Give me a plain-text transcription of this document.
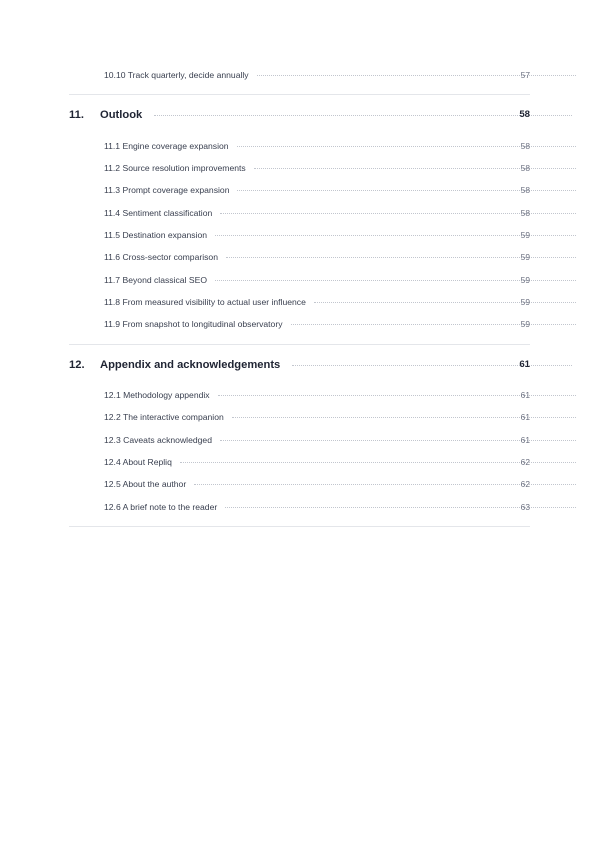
10.10 Track quarterly, decide annually	57
11.	Outlook	58
11.1 Engine coverage expansion	58
11.2 Source resolution improvements	58
11.3 Prompt coverage expansion	58
11.4 Sentiment classification	58
11.5 Destination expansion	59
11.6 Cross-sector comparison	59
11.7 Beyond classical SEO	59
11.8 From measured visibility to actual user influence	59
11.9 From snapshot to longitudinal observatory	59
12.	Appendix and acknowledgements	61
12.1 Methodology appendix	61
12.2 The interactive companion	61
12.3 Caveats acknowledged	61
12.4 About Repliq	62
12.5 About the author	62
12.6 A brief note to the reader	63
